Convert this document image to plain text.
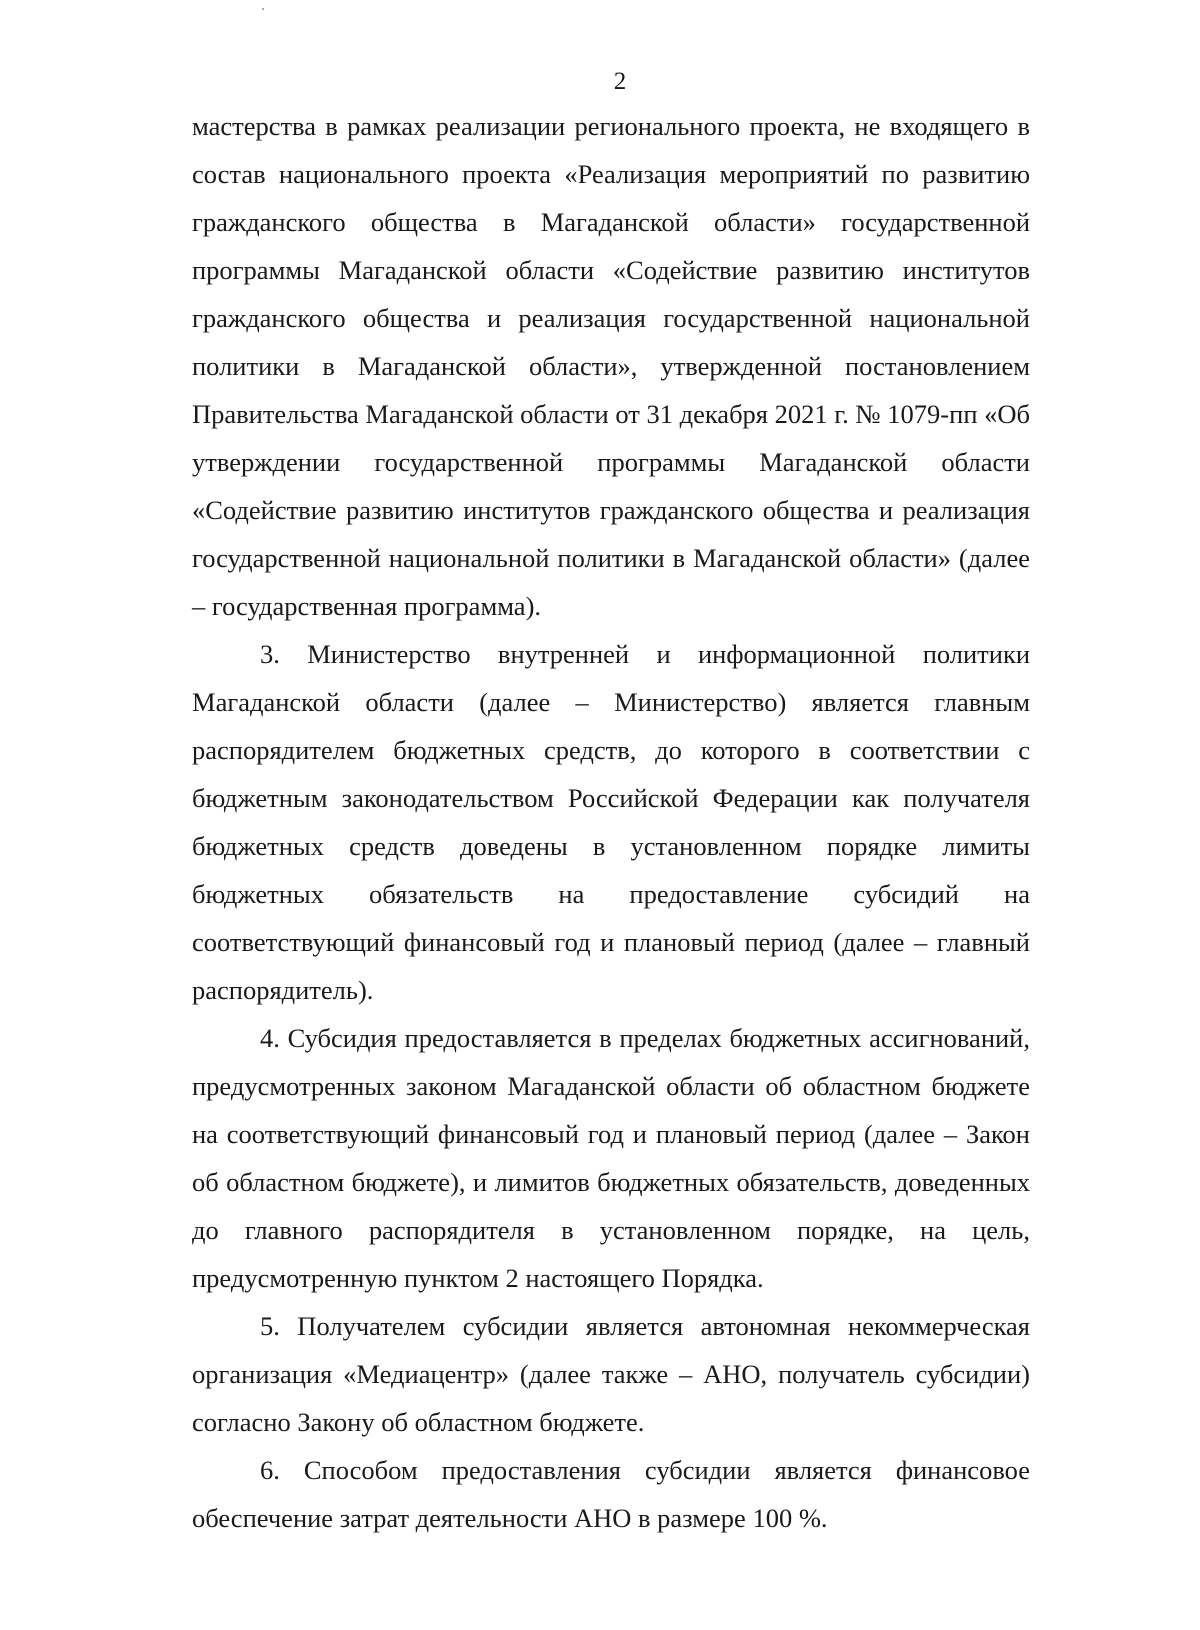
2

мастерства в рамках реализации регионального проекта, не входящего в состав национального проекта «Реализация мероприятий по развитию гражданского общества в Магаданской области» государственной программы Магаданской области «Содействие развитию институтов гражданского общества и реализация государственной национальной политики в Магаданской области», утвержденной постановлением Правительства Магаданской области от 31 декабря 2021 г. № 1079-пп «Об утверждении государственной программы Магаданской области «Содействие развитию институтов гражданского общества и реализация государственной национальной политики в Магаданской области» (далее – государственная программа).

3. Министерство внутренней и информационной политики Магаданской области (далее – Министерство) является главным распорядителем бюджетных средств, до которого в соответствии с бюджетным законодательством Российской Федерации как получателя бюджетных средств доведены в установленном порядке лимиты бюджетных обязательств на предоставление субсидий на соответствующий финансовый год и плановый период (далее – главный распорядитель).

4. Субсидия предоставляется в пределах бюджетных ассигнований, предусмотренных законом Магаданской области об областном бюджете на соответствующий финансовый год и плановый период (далее – Закон об областном бюджете), и лимитов бюджетных обязательств, доведенных до главного распорядителя в установленном порядке, на цель, предусмотренную пунктом 2 настоящего Порядка.

5. Получателем субсидии является автономная некоммерческая организация «Медиацентр» (далее также – АНО, получатель субсидии) согласно Закону об областном бюджете.

6. Способом предоставления субсидии является финансовое обеспечение затрат деятельности АНО в размере 100 %.
